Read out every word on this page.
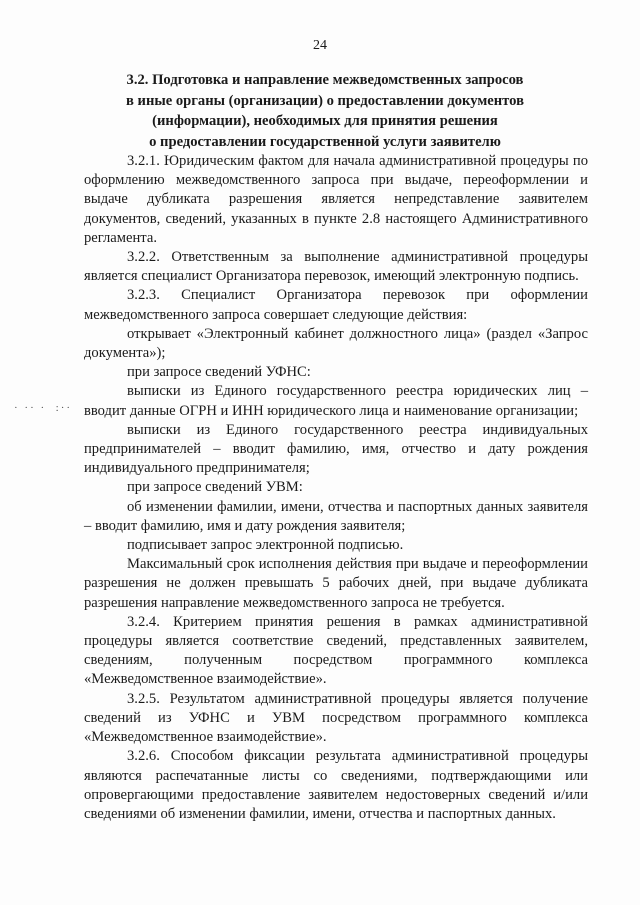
24
3.2. Подготовка и направление межведомственных запросов
в иные органы (организации) о предоставлении документов
(информации), необходимых для принятия решения
о предоставлении государственной услуги заявителю

3.2.1. Юридическим фактом для начала административной процедуры по оформлению межведомственного запроса при выдаче, переоформлении и выдаче дубликата разрешения является непредставление заявителем документов, сведений, указанных в пункте 2.8 настоящего Административного регламента.

3.2.2. Ответственным за выполнение административной процедуры является специалист Организатора перевозок, имеющий электронную подпись.

3.2.3. Специалист Организатора перевозок при оформлении межведомственного запроса совершает следующие действия:

открывает «Электронный кабинет должностного лица» (раздел «Запрос документа»);

при запросе сведений УФНС:

выписки из Единого государственного реестра юридических лиц – вводит данные ОГРН и ИНН юридического лица и наименование организации;

выписки из Единого государственного реестра индивидуальных предпринимателей – вводит фамилию, имя, отчество и дату рождения индивидуального предпринимателя;

при запросе сведений УВМ:

об изменении фамилии, имени, отчества и паспортных данных заявителя – вводит фамилию, имя и дату рождения заявителя;

подписывает запрос электронной подписью.

Максимальный срок исполнения действия при выдаче и переоформлении разрешения не должен превышать 5 рабочих дней, при выдаче дубликата разрешения направление межведомственного запроса не требуется.

3.2.4. Критерием принятия решения в рамках административной процедуры является соответствие сведений, представленных заявителем, сведениям, полученным посредством программного комплекса «Межведомственное взаимодействие».

3.2.5. Результатом административной процедуры является получение сведений из УФНС и УВМ посредством программного комплекса «Межведомственное взаимодействие».

3.2.6. Способом фиксации результата административной процедуры являются распечатанные листы со сведениями, подтверждающими или опровергающими предоставление заявителем недостоверных сведений и/или сведениями об изменении фамилии, имени, отчества и паспортных данных.

· ·· ·  :··
